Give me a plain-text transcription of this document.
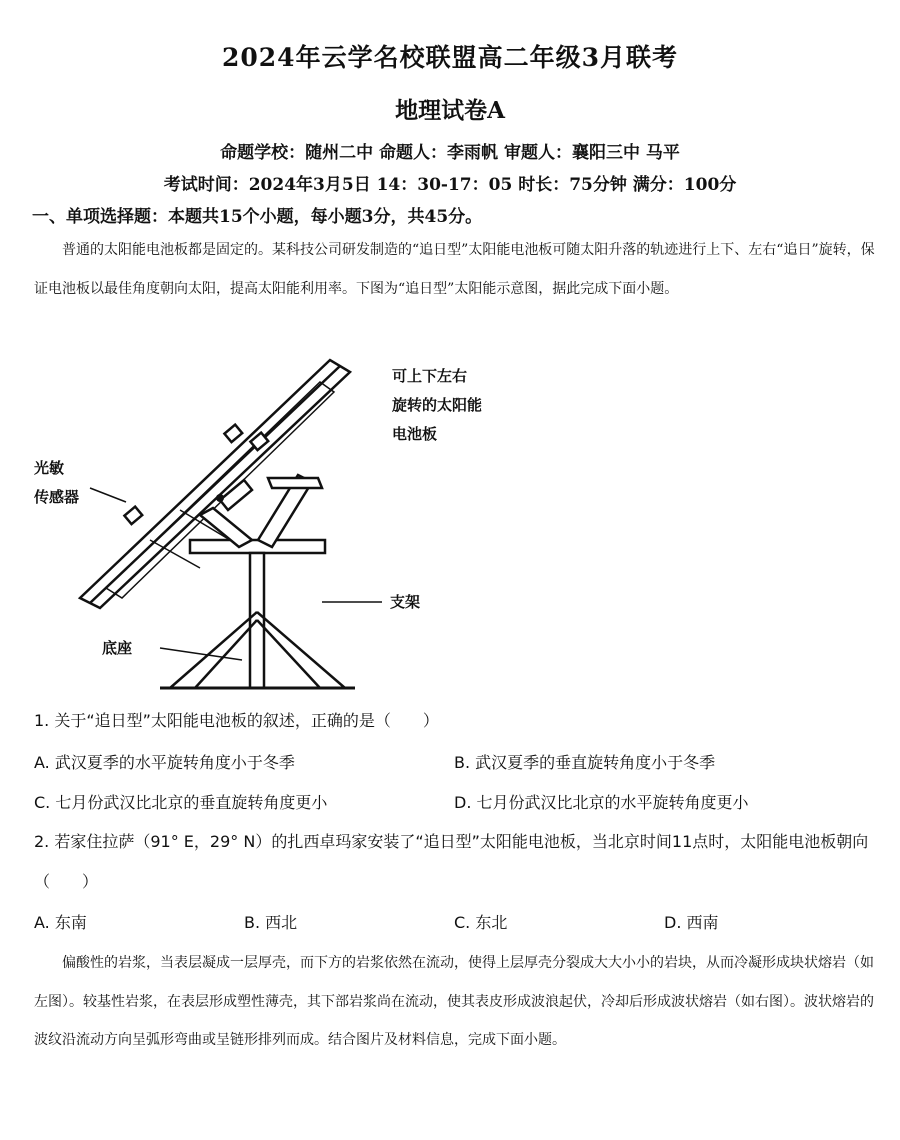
2024年云学名校联盟高二年级3月联考
地理试卷A
命题学校：随州二中 命题人：李雨帆 审题人：襄阳三中 马平
考试时间：2024年3月5日 14：30-17：05 时长：75分钟 满分：100分
一、单项选择题：本题共15个小题，每小题3分，共45分。

普通的太阳能电池板都是固定的。某科技公司研发制造的“追日型”太阳能电池板可随太阳升落的轨迹进行上下、左右“追日”旋转，保证电池板以最佳角度朝向太阳，提高太阳能利用率。下图为“追日型”太阳能示意图，据此完成下面小题。

可上下左右
旋转的太阳能
电池板
光敏
传感器
支架
底座
1. 关于“追日型”太阳能电池板的叙述，正确的是（　　）
A. 武汉夏季的水平旋转角度小于冬季	B. 武汉夏季的垂直旋转角度小于冬季
C. 七月份武汉比北京的垂直旋转角度更小	D. 七月份武汉比北京的水平旋转角度更小
2. 若家住拉萨（91° E，29° N）的扎西卓玛家安装了“追日型”太阳能电池板，当北京时间11点时，太阳能电池板朝向（　　）
A. 东南	B. 西北	C. 东北	D. 西南

偏酸性的岩浆，当表层凝成一层厚壳，而下方的岩浆依然在流动，使得上层厚壳分裂成大大小小的岩块，从而冷凝形成块状熔岩（如左图）。较基性岩浆，在表层形成塑性薄壳，其下部岩浆尚在流动，使其表皮形成波浪起伏，冷却后形成波状熔岩（如右图）。波状熔岩的波纹沿流动方向呈弧形弯曲或呈链形排列而成。结合图片及材料信息，完成下面小题。
